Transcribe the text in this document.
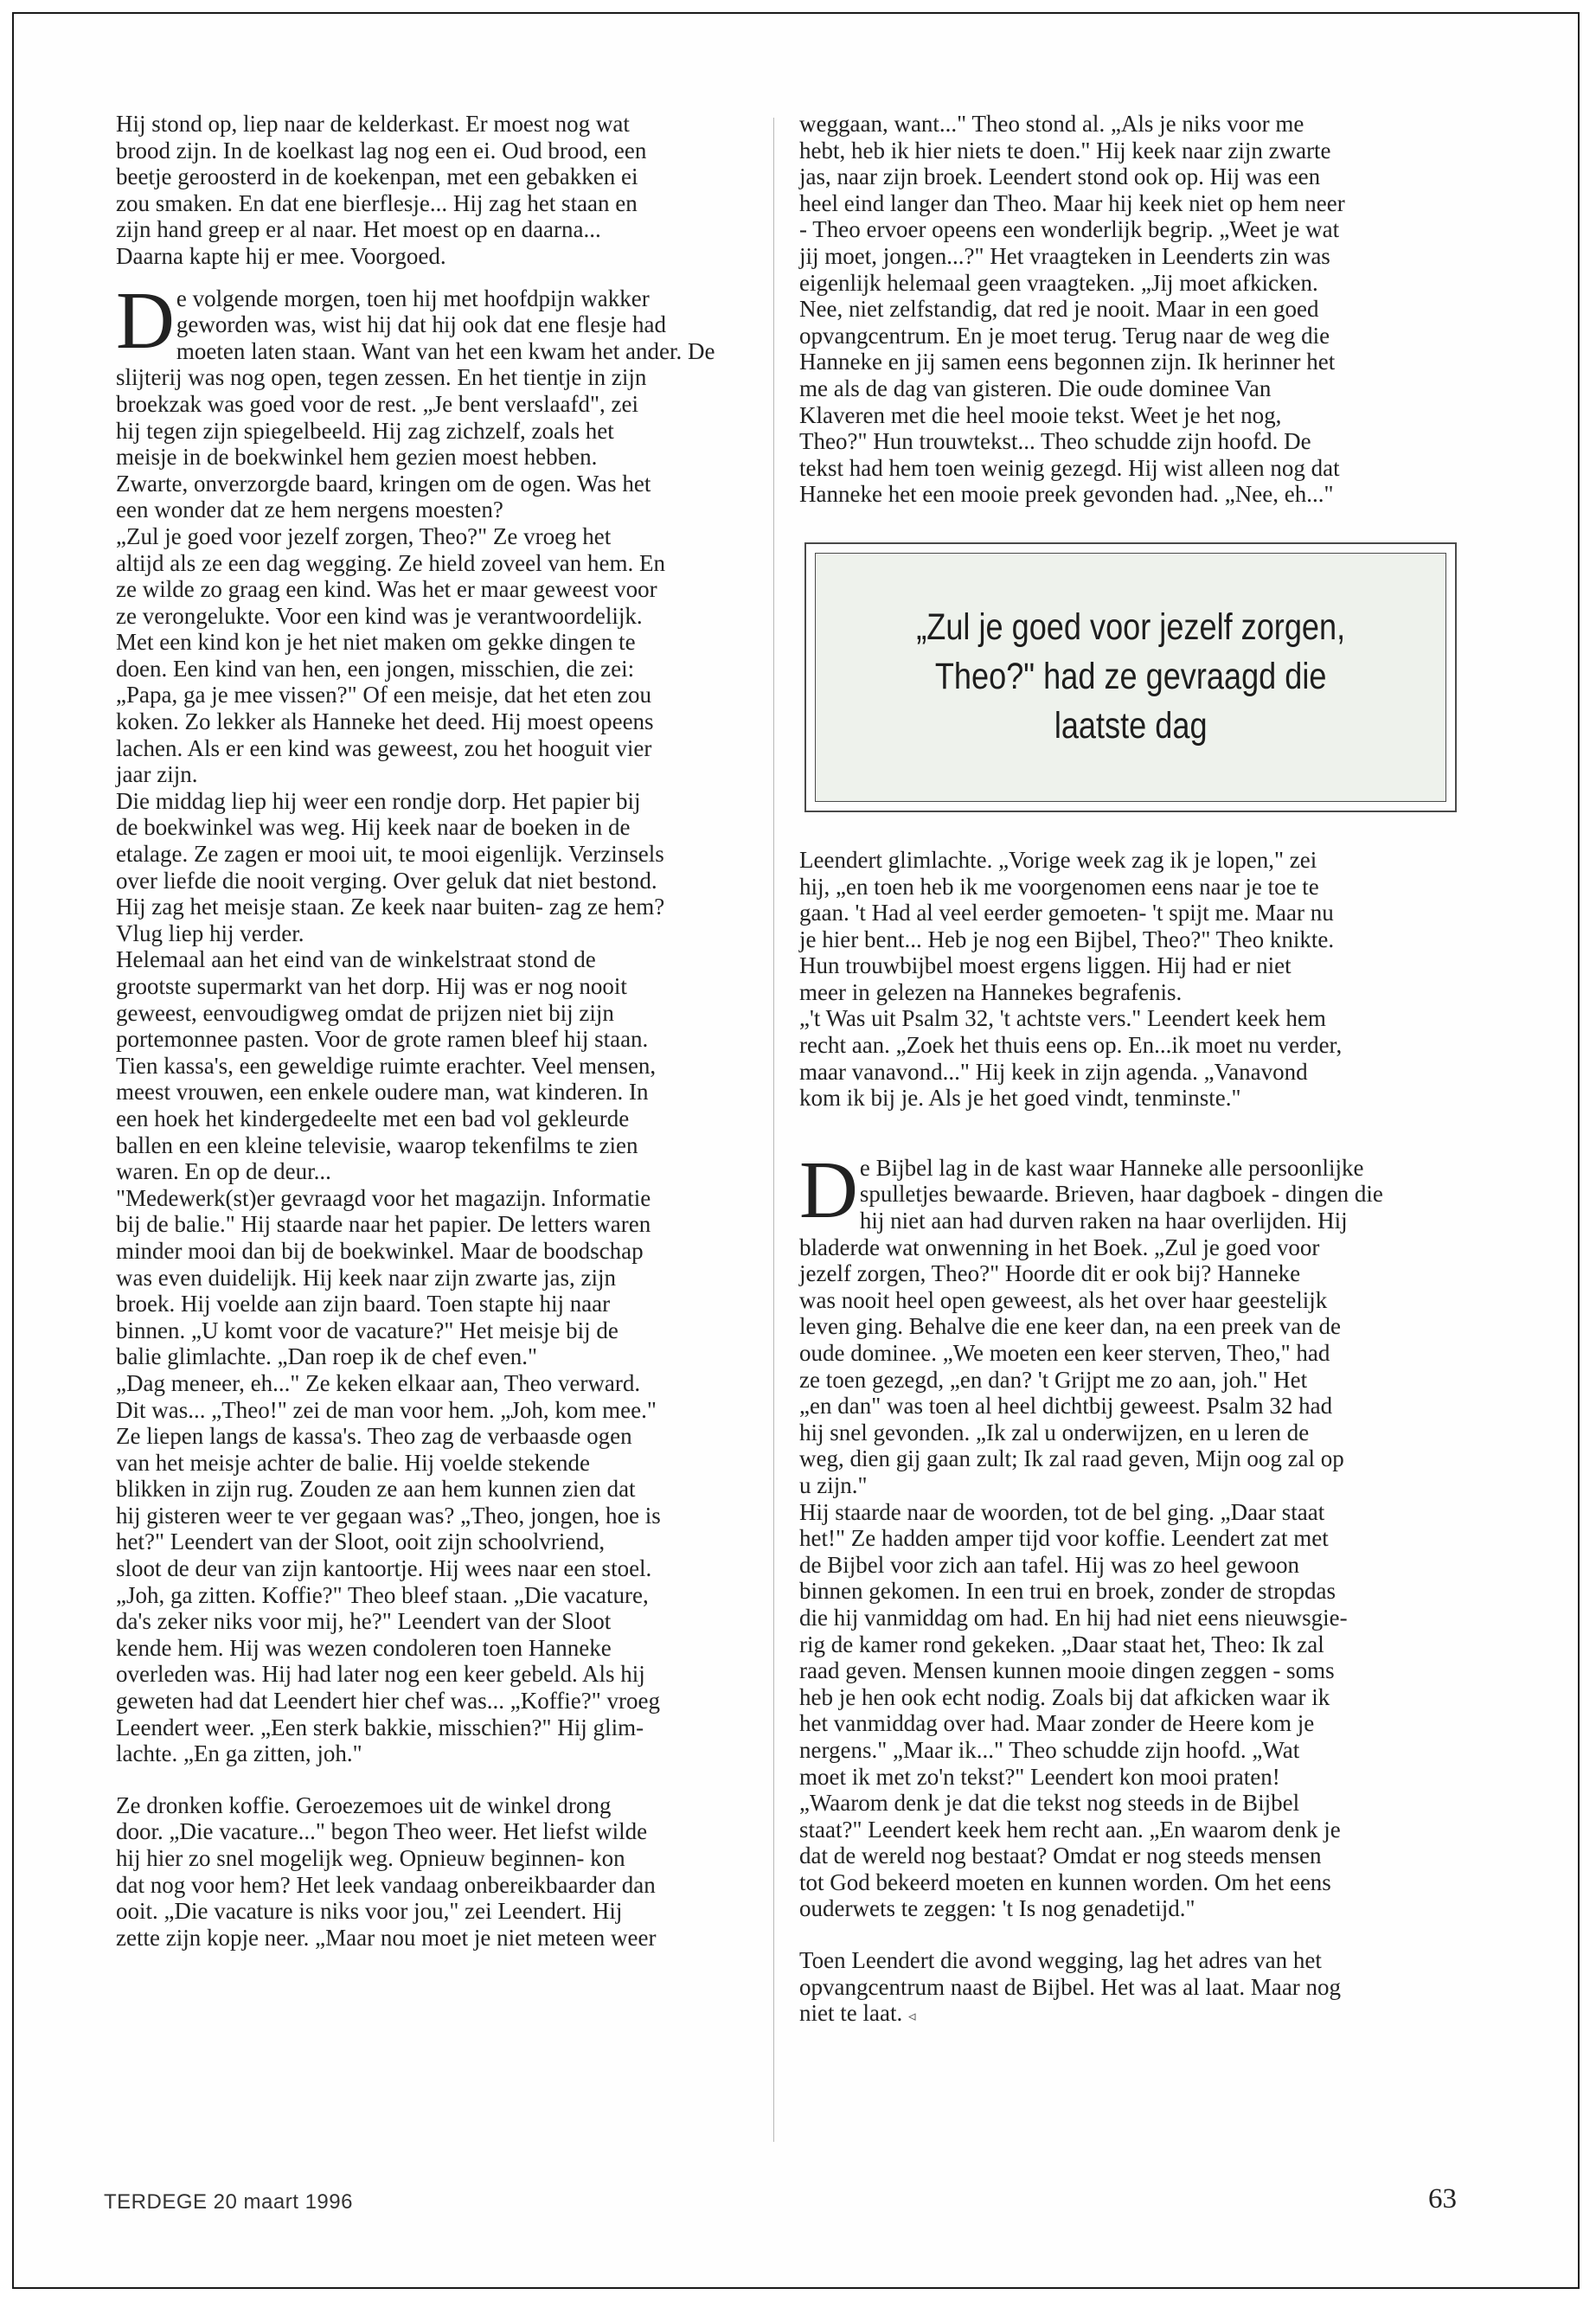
Hij stond op, liep naar de kelderkast. Er moest nog wat
brood zijn. In de koelkast lag nog een ei. Oud brood, een
beetje geroosterd in de koekenpan, met een gebakken ei
zou smaken. En dat ene bierflesje... Hij zag het staan en
zijn hand greep er al naar. Het moest op en daarna...
Daarna kapte hij er mee. Voorgoed.

De volgende morgen, toen hij met hoofdpijn wakker
geworden was, wist hij dat hij ook dat ene flesje had
moeten laten staan. Want van het een kwam het ander. De
slijterij was nog open, tegen zessen. En het tientje in zijn
broekzak was goed voor de rest. „Je bent verslaafd", zei
hij tegen zijn spiegelbeeld. Hij zag zichzelf, zoals het
meisje in de boekwinkel hem gezien moest hebben.
Zwarte, onverzorgde baard, kringen om de ogen. Was het
een wonder dat ze hem nergens moesten?
„Zul je goed voor jezelf zorgen, Theo?" Ze vroeg het
altijd als ze een dag wegging. Ze hield zoveel van hem. En
ze wilde zo graag een kind. Was het er maar geweest voor
ze verongelukte. Voor een kind was je verantwoordelijk.
Met een kind kon je het niet maken om gekke dingen te
doen. Een kind van hen, een jongen, misschien, die zei:
„Papa, ga je mee vissen?" Of een meisje, dat het eten zou
koken. Zo lekker als Hanneke het deed. Hij moest opeens
lachen. Als er een kind was geweest, zou het hooguit vier
jaar zijn.
Die middag liep hij weer een rondje dorp. Het papier bij
de boekwinkel was weg. Hij keek naar de boeken in de
etalage. Ze zagen er mooi uit, te mooi eigenlijk. Verzinsels
over liefde die nooit verging. Over geluk dat niet bestond.
Hij zag het meisje staan. Ze keek naar buiten- zag ze hem?
Vlug liep hij verder.
Helemaal aan het eind van de winkelstraat stond de
grootste supermarkt van het dorp. Hij was er nog nooit
geweest, eenvoudigweg omdat de prijzen niet bij zijn
portemonnee pasten. Voor de grote ramen bleef hij staan.
Tien kassa's, een geweldige ruimte erachter. Veel mensen,
meest vrouwen, een enkele oudere man, wat kinderen. In
een hoek het kindergedeelte met een bad vol gekleurde
ballen en een kleine televisie, waarop tekenfilms te zien
waren. En op de deur...
"Medewerk(st)er gevraagd voor het magazijn. Informatie
bij de balie." Hij staarde naar het papier. De letters waren
minder mooi dan bij de boekwinkel. Maar de boodschap
was even duidelijk. Hij keek naar zijn zwarte jas, zijn
broek. Hij voelde aan zijn baard. Toen stapte hij naar
binnen. „U komt voor de vacature?" Het meisje bij de
balie glimlachte. „Dan roep ik de chef even."
„Dag meneer, eh..." Ze keken elkaar aan, Theo verward.
Dit was... „Theo!" zei de man voor hem. „Joh, kom mee."
Ze liepen langs de kassa's. Theo zag de verbaasde ogen
van het meisje achter de balie. Hij voelde stekende
blikken in zijn rug. Zouden ze aan hem kunnen zien dat
hij gisteren weer te ver gegaan was? „Theo, jongen, hoe is
het?" Leendert van der Sloot, ooit zijn schoolvriend,
sloot de deur van zijn kantoortje. Hij wees naar een stoel.
„Joh, ga zitten. Koffie?" Theo bleef staan. „Die vacature,
da's zeker niks voor mij, he?" Leendert van der Sloot
kende hem. Hij was wezen condoleren toen Hanneke
overleden was. Hij had later nog een keer gebeld. Als hij
geweten had dat Leendert hier chef was... „Koffie?" vroeg
Leendert weer. „Een sterk bakkie, misschien?" Hij glim-
lachte. „En ga zitten, joh."

Ze dronken koffie. Geroezemoes uit de winkel drong
door. „Die vacature..." begon Theo weer. Het liefst wilde
hij hier zo snel mogelijk weg. Opnieuw beginnen- kon
dat nog voor hem? Het leek vandaag onbereikbaarder dan
ooit. „Die vacature is niks voor jou," zei Leendert. Hij
zette zijn kopje neer. „Maar nou moet je niet meteen weer

weggaan, want..." Theo stond al. „Als je niks voor me
hebt, heb ik hier niets te doen." Hij keek naar zijn zwarte
jas, naar zijn broek. Leendert stond ook op. Hij was een
heel eind langer dan Theo. Maar hij keek niet op hem neer
- Theo ervoer opeens een wonderlijk begrip. „Weet je wat
jij moet, jongen...?" Het vraagteken in Leenderts zin was
eigenlijk helemaal geen vraagteken. „Jij moet afkicken.
Nee, niet zelfstandig, dat red je nooit. Maar in een goed
opvangcentrum. En je moet terug. Terug naar de weg die
Hanneke en jij samen eens begonnen zijn. Ik herinner het
me als de dag van gisteren. Die oude dominee Van
Klaveren met die heel mooie tekst. Weet je het nog,
Theo?" Hun trouwtekst... Theo schudde zijn hoofd. De
tekst had hem toen weinig gezegd. Hij wist alleen nog dat
Hanneke het een mooie preek gevonden had. „Nee, eh..."

„Zul je goed voor jezelf zorgen,
Theo?" had ze gevraagd die
laatste dag

Leendert glimlachte. „Vorige week zag ik je lopen," zei
hij, „en toen heb ik me voorgenomen eens naar je toe te
gaan. 't Had al veel eerder gemoeten- 't spijt me. Maar nu
je hier bent... Heb je nog een Bijbel, Theo?" Theo knikte.
Hun trouwbijbel moest ergens liggen. Hij had er niet
meer in gelezen na Hannekes begrafenis.
„'t Was uit Psalm 32, 't achtste vers." Leendert keek hem
recht aan. „Zoek het thuis eens op. En...ik moet nu verder,
maar vanavond..." Hij keek in zijn agenda. „Vanavond
kom ik bij je. Als je het goed vindt, tenminste."

De Bijbel lag in de kast waar Hanneke alle persoonlijke
spulletjes bewaarde. Brieven, haar dagboek - dingen die
hij niet aan had durven raken na haar overlijden. Hij
bladerde wat onwenning in het Boek. „Zul je goed voor
jezelf zorgen, Theo?" Hoorde dit er ook bij? Hanneke
was nooit heel open geweest, als het over haar geestelijk
leven ging. Behalve die ene keer dan, na een preek van de
oude dominee. „We moeten een keer sterven, Theo," had
ze toen gezegd, „en dan? 't Grijpt me zo aan, joh." Het
„en dan" was toen al heel dichtbij geweest. Psalm 32 had
hij snel gevonden. „Ik zal u onderwijzen, en u leren de
weg, dien gij gaan zult; Ik zal raad geven, Mijn oog zal op
u zijn."
Hij staarde naar de woorden, tot de bel ging. „Daar staat
het!" Ze hadden amper tijd voor koffie. Leendert zat met
de Bijbel voor zich aan tafel. Hij was zo heel gewoon
binnen gekomen. In een trui en broek, zonder de stropdas
die hij vanmiddag om had. En hij had niet eens nieuwsgie-
rig de kamer rond gekeken. „Daar staat het, Theo: Ik zal
raad geven. Mensen kunnen mooie dingen zeggen - soms
heb je hen ook echt nodig. Zoals bij dat afkicken waar ik
het vanmiddag over had. Maar zonder de Heere kom je
nergens." „Maar ik..." Theo schudde zijn hoofd. „Wat
moet ik met zo'n tekst?" Leendert kon mooi praten!
„Waarom denk je dat die tekst nog steeds in de Bijbel
staat?" Leendert keek hem recht aan. „En waarom denk je
dat de wereld nog bestaat? Omdat er nog steeds mensen
tot God bekeerd moeten en kunnen worden. Om het eens
ouderwets te zeggen: 't Is nog genadetijd."

Toen Leendert die avond wegging, lag het adres van het
opvangcentrum naast de Bijbel. Het was al laat. Maar nog
niet te laat. ◃

TERDEGE 20 maart 1996	63
